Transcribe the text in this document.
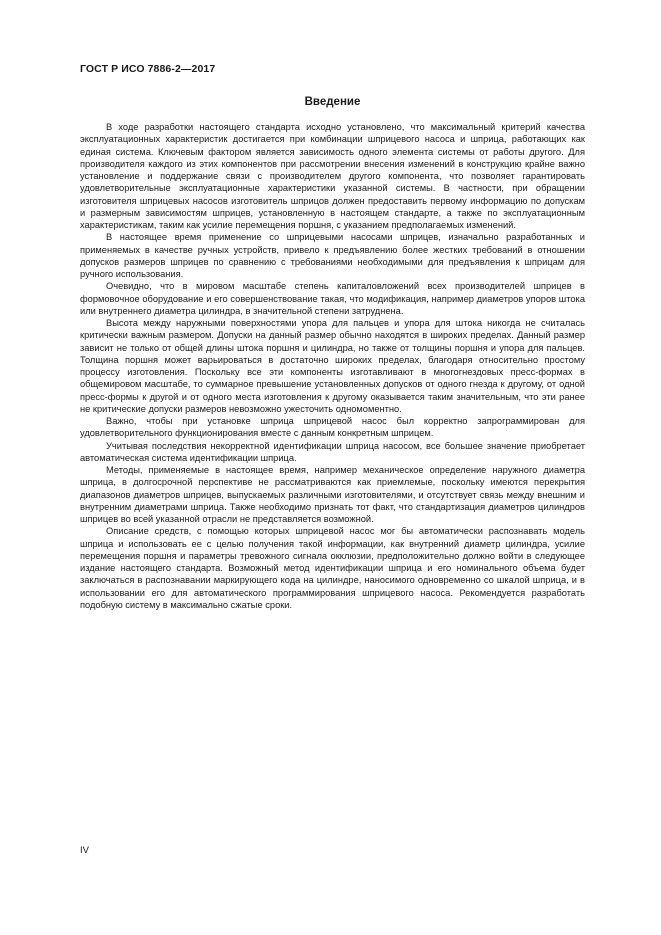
ГОСТ Р ИСО 7886-2—2017
Введение

В ходе разработки настоящего стандарта исходно установлено, что максимальный критерий качества эксплуатационных характеристик достигается при комбинации шприцевого насоса и шприца, работающих как единая система. Ключевым фактором является зависимость одного элемента системы от работы другого. Для производителя каждого из этих компонентов при рассмотрении внесения изменений в конструкцию крайне важно установление и поддержание связи с производителем другого компонента, что позволяет гарантировать удовлетворительные эксплуатационные характеристики указанной системы. В частности, при обращении изготовителя шприцевых насосов изготовитель шприцов должен предоставить первому информацию по допускам и размерным зависимостям шприцев, установленную в настоящем стандарте, а также по эксплуатационным характеристикам, таким как усилие перемещения поршня, с указанием предполагаемых изменений.

В настоящее время применение со шприцевыми насосами шприцев, изначально разработанных и применяемых в качестве ручных устройств, привело к предъявлению более жестких требований в отношении допусков размеров шприцев по сравнению с требованиями необходимыми для предъявления к шприцам для ручного использования.

Очевидно, что в мировом масштабе степень капиталовложений всех производителей шприцев в формовочное оборудование и его совершенствование такая, что модификация, например диаметров упоров штока или внутреннего диаметра цилиндра, в значительной степени затруднена.

Высота между наружными поверхностями упора для пальцев и упора для штока никогда не считалась критически важным размером. Допуски на данный размер обычно находятся в широких пределах. Данный размер зависит не только от общей длины штока поршня и цилиндра, но также от толщины поршня и упора для пальцев. Толщина поршня может варьироваться в достаточно широких пределах, благодаря относительно простому процессу изготовления. Поскольку все эти компоненты изготавливают в многогнездовых пресс-формах в общемировом масштабе, то суммарное превышение установленных допусков от одного гнезда к другому, от одной пресс-формы к другой и от одного места изготовления к другому оказывается таким значительным, что эти ранее не критические допуски размеров невозможно ужесточить одномоментно.

Важно, чтобы при установке шприца шприцевой насос был корректно запрограммирован для удовлетворительного функционирования вместе с данным конкретным шприцем.

Учитывая последствия некорректной идентификации шприца насосом, все большее значение приобретает автоматическая система идентификации шприца.

Методы, применяемые в настоящее время, например механическое определение наружного диаметра шприца, в долгосрочной перспективе не рассматриваются как приемлемые, поскольку имеются перекрытия диапазонов диаметров шприцев, выпускаемых различными изготовителями, и отсутствует связь между внешним и внутренним диаметрами шприца. Также необходимо признать тот факт, что стандартизация диаметров цилиндров шприцев во всей указанной отрасли не представляется возможной.

Описание средств, с помощью которых шприцевой насос мог бы автоматически распознавать модель шприца и использовать ее с целью получения такой информации, как внутренний диаметр цилиндра, усилие перемещения поршня и параметры тревожного сигнала окклюзии, предположительно должно войти в следующее издание настоящего стандарта. Возможный метод идентификации шприца и его номинального объема будет заключаться в распознавании маркирующего кода на цилиндре, наносимого одновременно со шкалой шприца, и в использовании его для автоматического программирования шприцевого насоса. Рекомендуется разработать подобную систему в максимально сжатые сроки.

IV
